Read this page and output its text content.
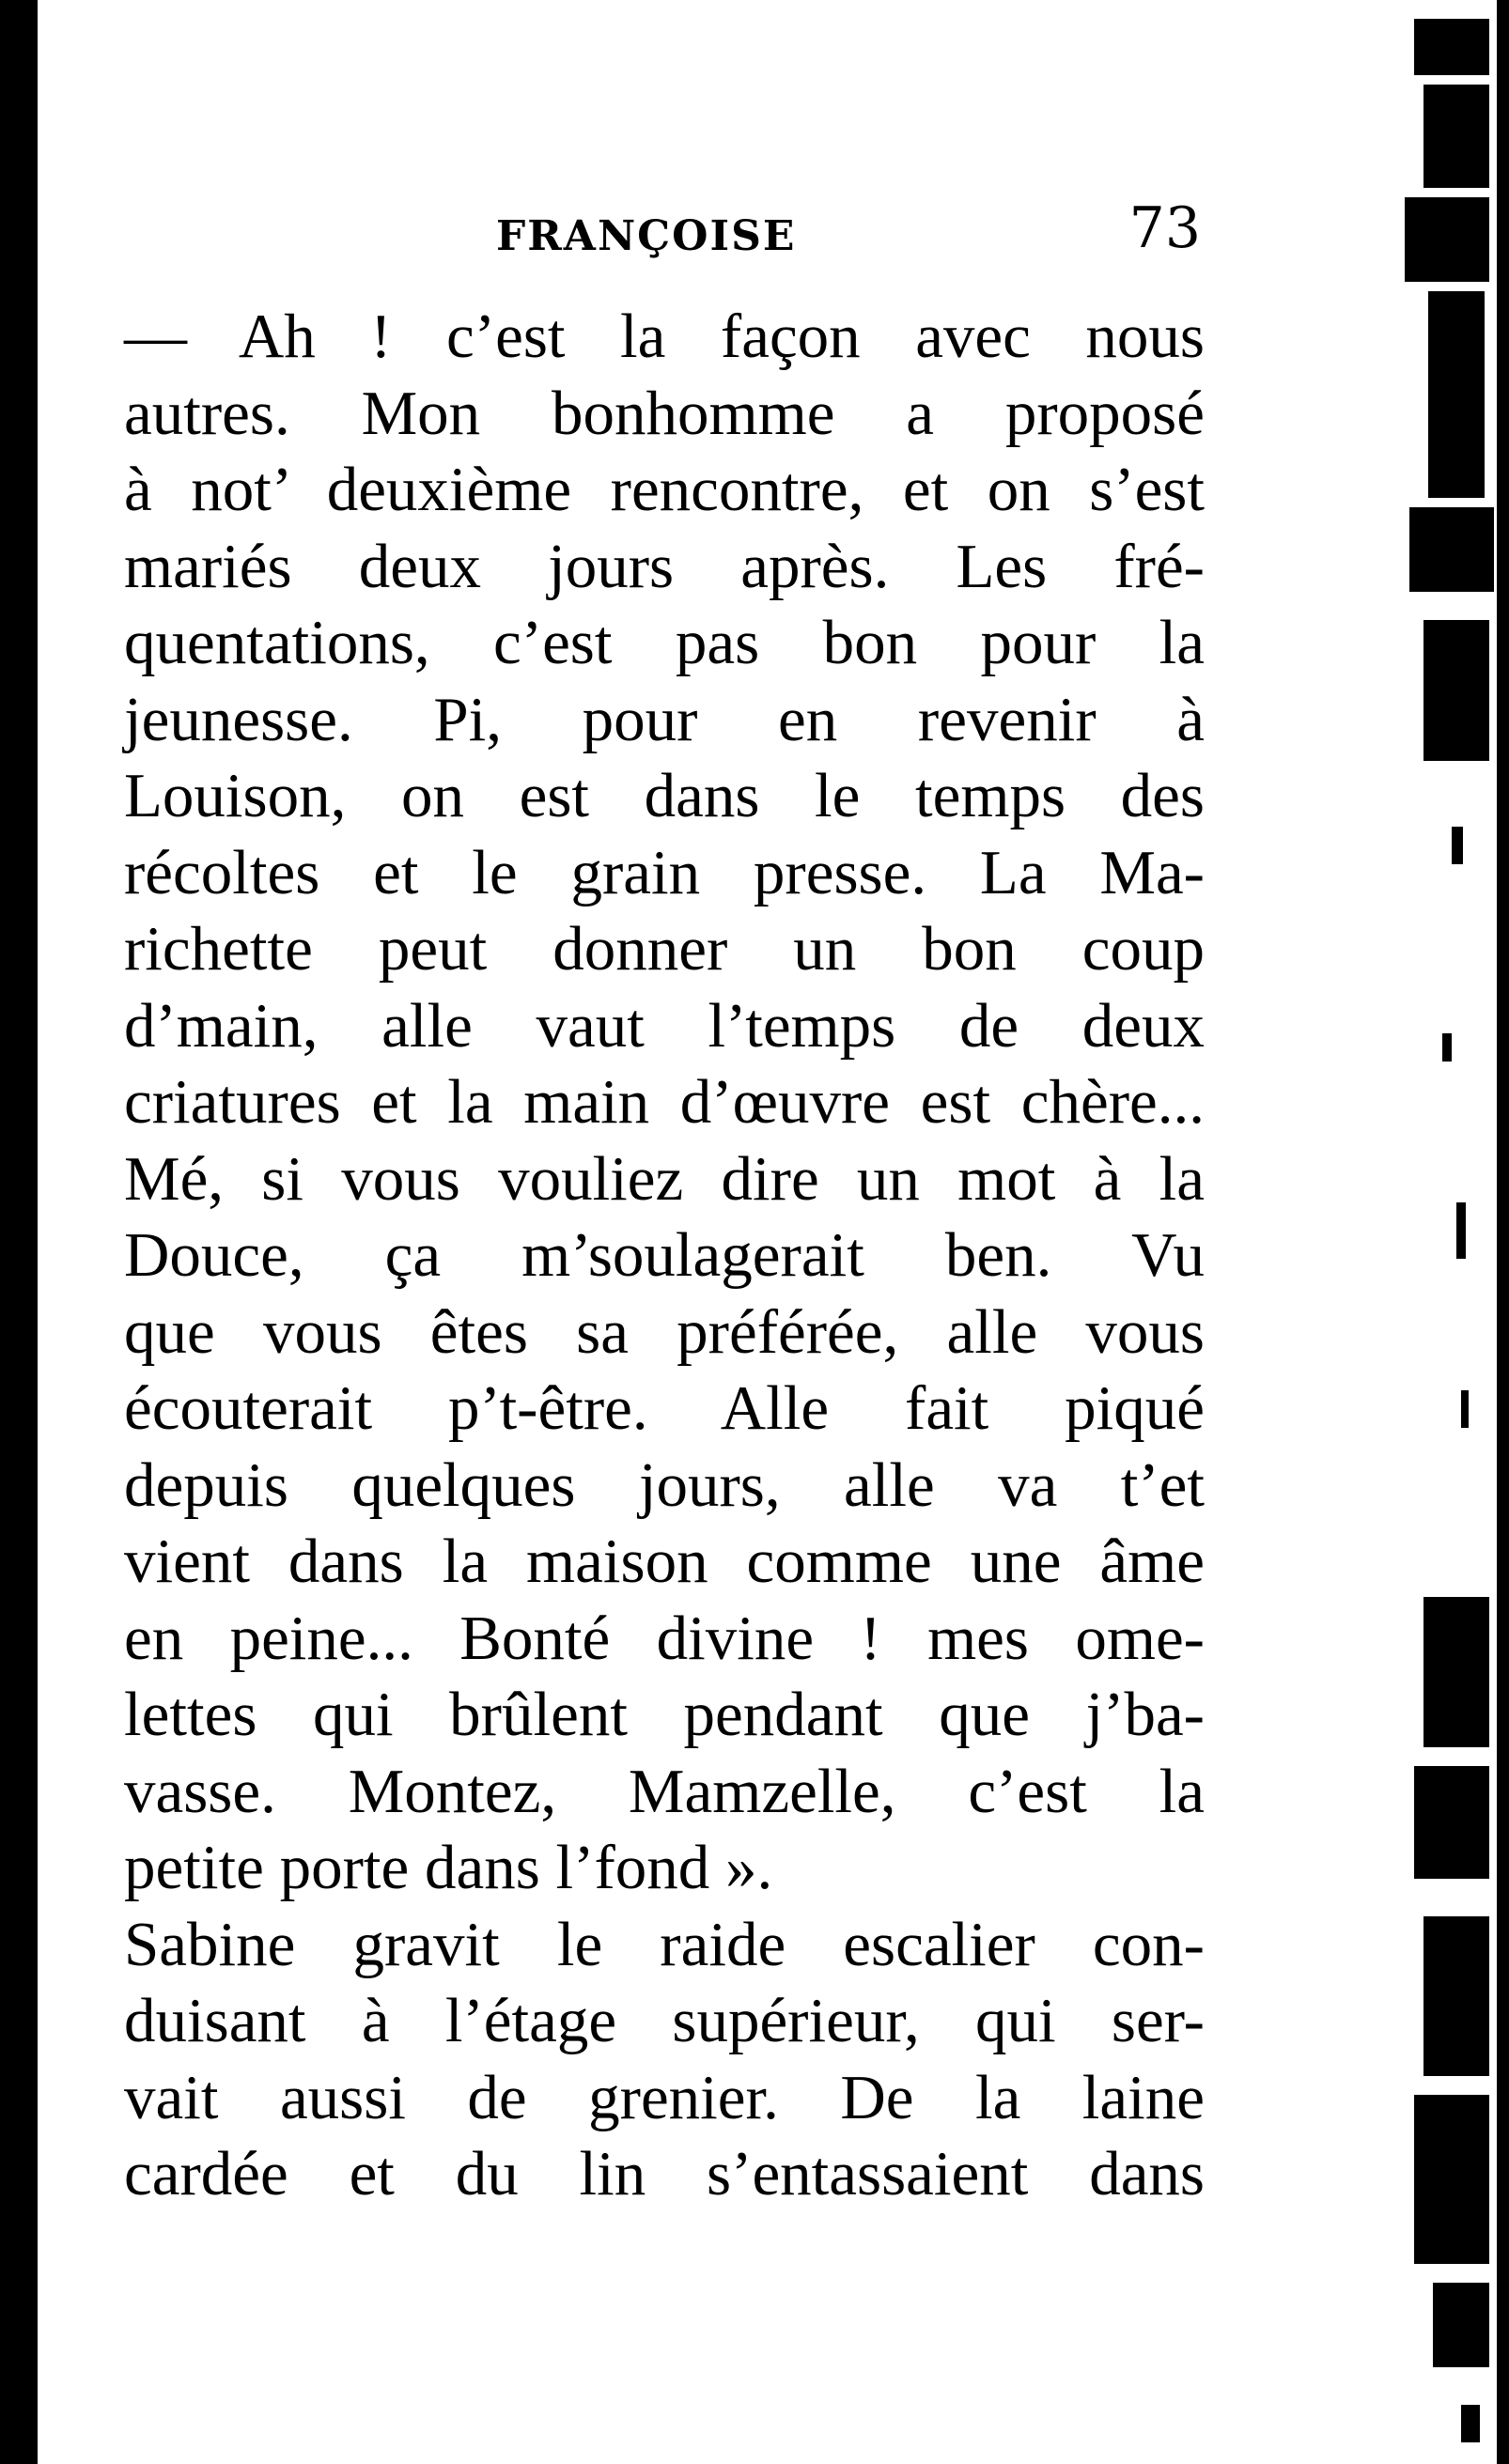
FRANÇOISE	73
— Ah ! c’est la façon avec nous
autres. Mon bonhomme a proposé
à not’ deuxième rencontre, et on s’est
mariés deux jours après. Les fré-
quentations, c’est pas bon pour la
jeunesse. Pi, pour en revenir à
Louison, on est dans le temps des
récoltes et le grain presse. La Ma-
richette peut donner un bon coup
d’main, alle vaut l’temps de deux
criatures et la main d’œuvre est chère...
Mé, si vous vouliez dire un mot à la
Douce, ça m’soulagerait ben. Vu
que vous êtes sa préférée, alle vous
écouterait p’t-être. Alle fait piqué
depuis quelques jours, alle va t’et
vient dans la maison comme une âme
en peine... Bonté divine ! mes ome-
lettes qui brûlent pendant que j’ba-
vasse. Montez, Mamzelle, c’est la
petite porte dans l’fond ».
Sabine gravit le raide escalier con-
duisant à l’étage supérieur, qui ser-
vait aussi de grenier. De la laine
cardée et du lin s’entassaient dans
